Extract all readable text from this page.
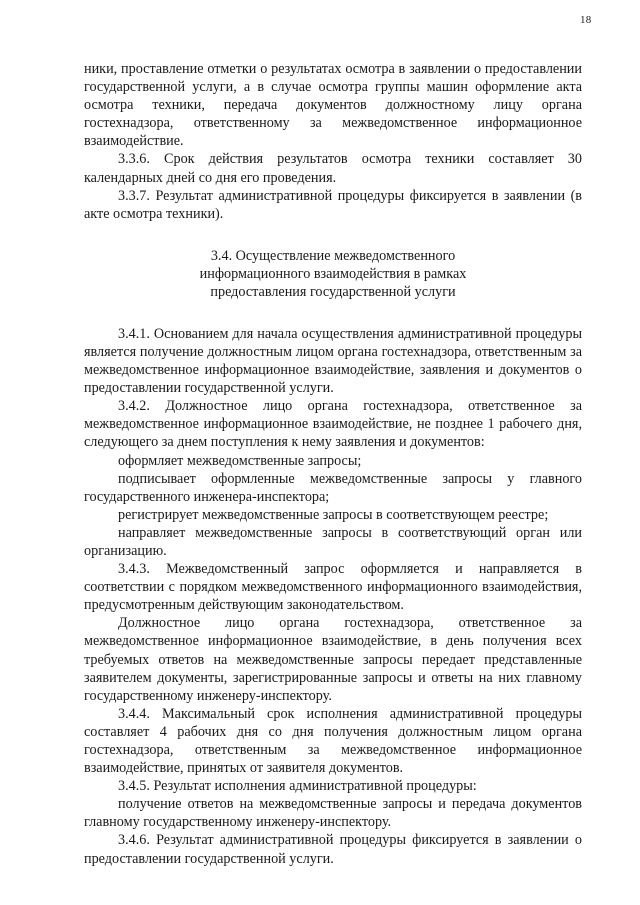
18

ники, проставление отметки о результатах осмотра в заявлении о предоставлении государственной услуги, а в случае осмотра группы машин оформление акта осмотра техники, передача документов должностному лицу органа гостехнадзора, ответственному за межведомственное информационное взаимодействие.

3.3.6. Срок действия результатов осмотра техники составляет 30 календарных дней со дня его проведения.

3.3.7. Результат административной процедуры фиксируется в заявлении (в акте осмотра техники).

3.4. Осуществление межведомственного
информационного взаимодействия в рамках
предоставления государственной услуги

3.4.1. Основанием для начала осуществления административной процедуры является получение должностным лицом органа гостехнадзора, ответственным за межведомственное информационное взаимодействие, заявления и документов о предоставлении государственной услуги.

3.4.2. Должностное лицо органа гостехнадзора, ответственное за межведомственное информационное взаимодействие, не позднее 1 рабочего дня, следующего за днем поступления к нему заявления и документов:

оформляет межведомственные запросы;

подписывает оформленные межведомственные запросы у главного государственного инженера-инспектора;

регистрирует межведомственные запросы в соответствующем реестре;

направляет межведомственные запросы в соответствующий орган или организацию.

3.4.3. Межведомственный запрос оформляется и направляется в соответствии с порядком межведомственного информационного взаимодействия, предусмотренным действующим законодательством.

Должностное лицо органа гостехнадзора, ответственное за межведомственное информационное взаимодействие, в день получения всех требуемых ответов на межведомственные запросы передает представленные заявителем документы, зарегистрированные запросы и ответы на них главному государственному инженеру-инспектору.

3.4.4. Максимальный срок исполнения административной процедуры составляет 4 рабочих дня со дня получения должностным лицом органа гостехнадзора, ответственным за межведомственное информационное взаимодействие, принятых от заявителя документов.

3.4.5. Результат исполнения административной процедуры:

получение ответов на межведомственные запросы и передача документов главному государственному инженеру-инспектору.

3.4.6. Результат административной процедуры фиксируется в заявлении о предоставлении государственной услуги.
